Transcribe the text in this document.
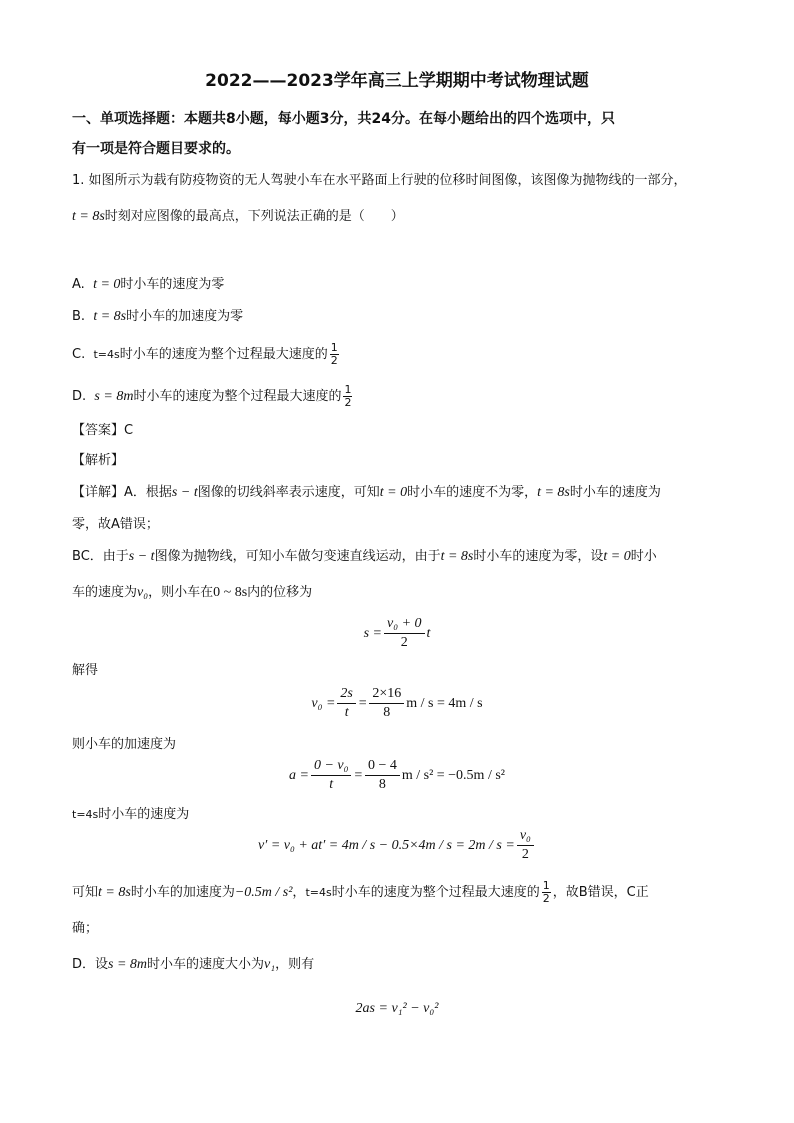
2022——2023学年高三上学期期中考试物理试题
一、单项选择题：本题共8小题，每小题3分，共24分。在每小题给出的四个选项中，只
有一项是符合题目要求的。
1. 如图所示为载有防疫物资的无人驾驶小车在水平路面上行驶的位移时间图像，该图像为抛物线的一部分，
t = 8s时刻对应图像的最高点，下列说法正确的是（　　）
A. t = 0时小车的速度为零
B. t = 8s时小车的加速度为零
C. t=4s时小车的速度为整个过程最大速度的 $\frac{1}{2}$
D. s = 8m时小车的速度为整个过程最大速度的 $\frac{1}{2}$
【答案】C
【解析】
【详解】A．根据s − t图像的切线斜率表示速度，可知t = 0时小车的速度不为零，t = 8s时小车的速度为
零，故A错误；
BC．由于s − t图像为抛物线，可知小车做匀变速直线运动，由于t = 8s时小车的速度为零，设t = 0时小
车的速度为v₀，则小车在0 ~ 8s内的位移为
$s = \frac{\text{v₀ + 0}}{2}$ t
解得
$v_0 = \frac{2s}{t} = \frac{2\times 16}{8}$ m / s = 4m / s
则小车的加速度为
$a = \frac{\text{0 − v₀}}{t} = \frac{0 - 4}{8}$ m / s² = −0.5m / s²
t=4s时小车的速度为
$v' = v_0 + at' = 4m / s - 0.5\times 4m / s = 2m / s = \frac{\text{v₀}}{2}$
可知t = 8s时小车的加速度为−0.5m / s²，t=4s时小车的速度为整个过程最大速度的 $\frac{1}{2}$ ，故B错误，C正
确；
D．设s = 8m时小车的速度大小为v₁，则有
2as = v₁² − v₀²
